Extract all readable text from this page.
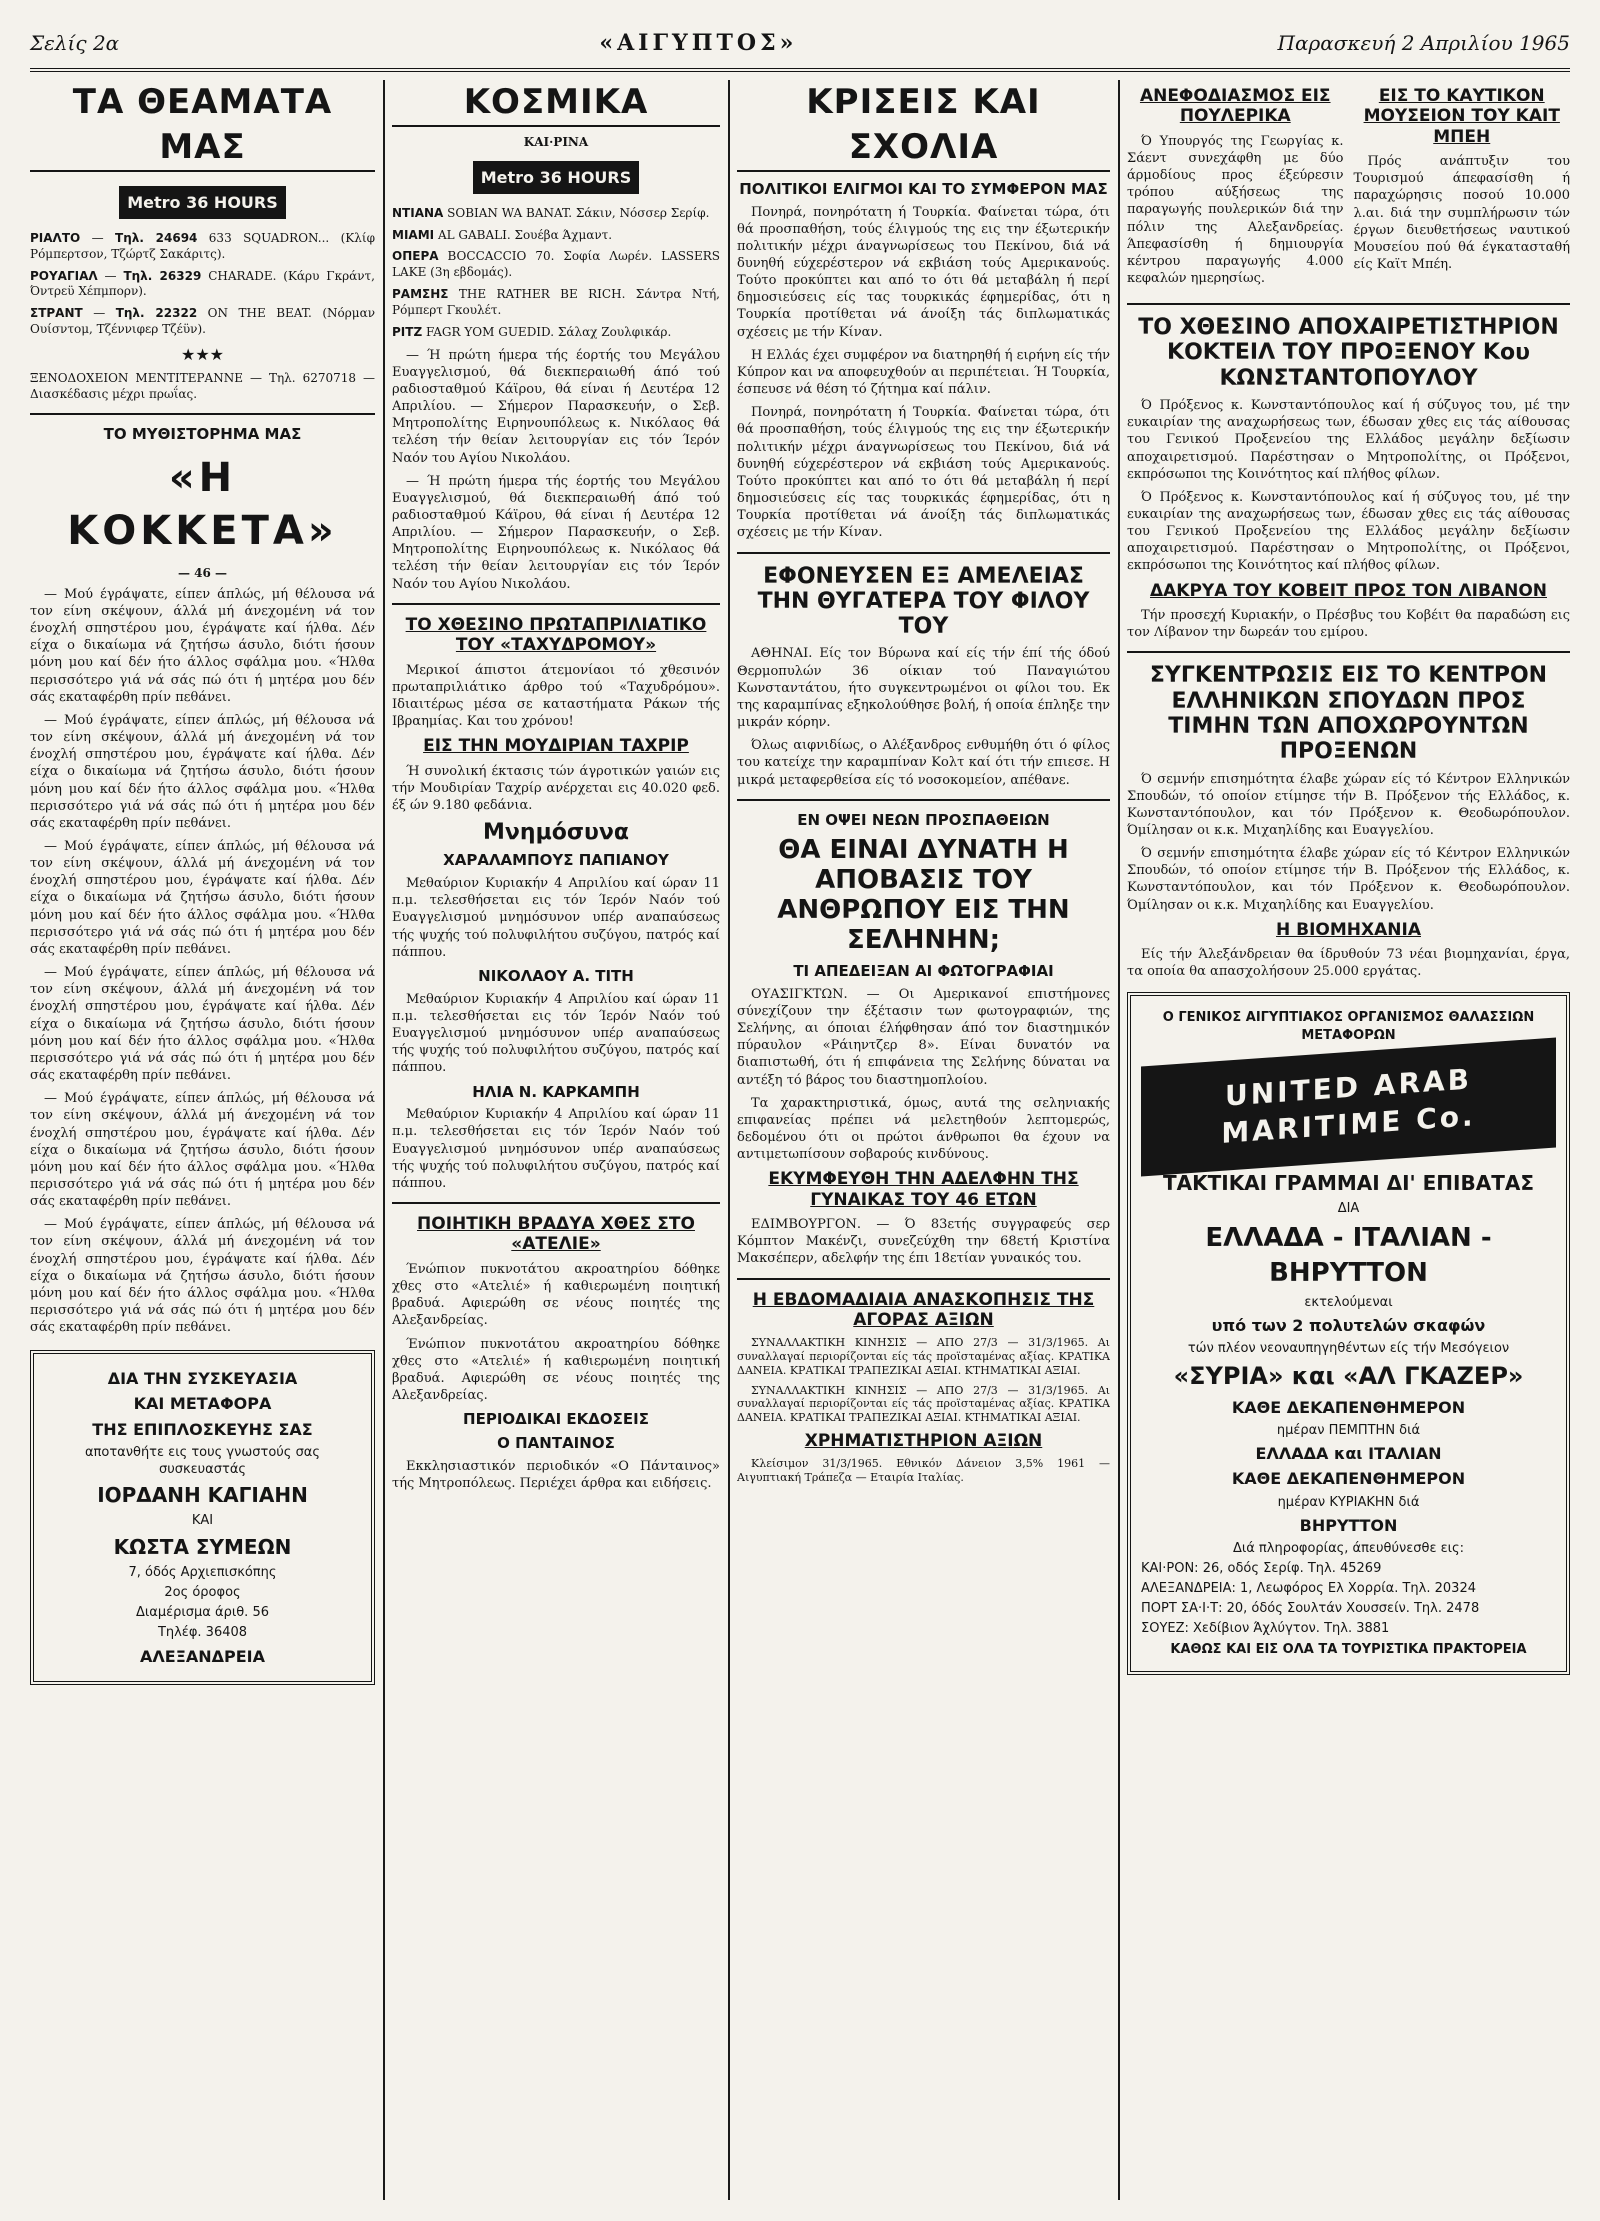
Σελίς 2α	«ΑΙΓΥΠΤΟΣ»	Παρασκευή 2 Απριλίου 1965
ΤΑ ΘΕΑΜΑΤΑ ΜΑΣ
Metro 36 HOURS
ΡΙΑΛΤΟ — Τηλ. 24694 633 SQUADRON... (Κλίφ Ρόμπερτσον, Τζώρτζ Σακάριτς).
ΡΟΥΑΓΙΑΛ — Τηλ. 26329 CHARADE. (Κάρυ Γκράντ, Όντρεϋ Χέπμπορν).
ΣΤΡΑΝΤ — Τηλ. 22322 ON THE BEAT. (Νόρμαν Ουίσντομ, Τζέννιφερ Τζέϋν).
★★★
ΞΕΝΟΔΟΧΕΙΟΝ ΜΕΝΤΙΤΕΡΑΝΝΕ — Τηλ. 6270718 — Διασκέδασις μέχρι πρωΐας.
ΤΟ ΜΥΘΙΣΤΟΡΗΜΑ ΜΑΣ
«Η ΚΟΚΚΕΤΑ»
— 46 —

— Μού έγράψατε, είπεν άπλώς, μή θέλουσα νά τον είνη σκέψουν, άλλά μή άνεχομένη νά τον ένοχλή σπηστέρου μου, έγράψατε καί ήλθα. Δέν είχα ο δικαίωμα νά ζητήσω άσυλο, διότι ήσουν μόνη μου καί δέν ήτο άλλος σφάλμα μου. «Ήλθα περισσότερο γιά νά σάς πώ ότι ή μητέρα μου δέν σάς εκαταφέρθη πρίν πεθάνει.

— Μού έγράψατε, είπεν άπλώς, μή θέλουσα νά τον είνη σκέψουν, άλλά μή άνεχομένη νά τον ένοχλή σπηστέρου μου, έγράψατε καί ήλθα. Δέν είχα ο δικαίωμα νά ζητήσω άσυλο, διότι ήσουν μόνη μου καί δέν ήτο άλλος σφάλμα μου. «Ήλθα περισσότερο γιά νά σάς πώ ότι ή μητέρα μου δέν σάς εκαταφέρθη πρίν πεθάνει.

— Μού έγράψατε, είπεν άπλώς, μή θέλουσα νά τον είνη σκέψουν, άλλά μή άνεχομένη νά τον ένοχλή σπηστέρου μου, έγράψατε καί ήλθα. Δέν είχα ο δικαίωμα νά ζητήσω άσυλο, διότι ήσουν μόνη μου καί δέν ήτο άλλος σφάλμα μου. «Ήλθα περισσότερο γιά νά σάς πώ ότι ή μητέρα μου δέν σάς εκαταφέρθη πρίν πεθάνει.

— Μού έγράψατε, είπεν άπλώς, μή θέλουσα νά τον είνη σκέψουν, άλλά μή άνεχομένη νά τον ένοχλή σπηστέρου μου, έγράψατε καί ήλθα. Δέν είχα ο δικαίωμα νά ζητήσω άσυλο, διότι ήσουν μόνη μου καί δέν ήτο άλλος σφάλμα μου. «Ήλθα περισσότερο γιά νά σάς πώ ότι ή μητέρα μου δέν σάς εκαταφέρθη πρίν πεθάνει.

— Μού έγράψατε, είπεν άπλώς, μή θέλουσα νά τον είνη σκέψουν, άλλά μή άνεχομένη νά τον ένοχλή σπηστέρου μου, έγράψατε καί ήλθα. Δέν είχα ο δικαίωμα νά ζητήσω άσυλο, διότι ήσουν μόνη μου καί δέν ήτο άλλος σφάλμα μου. «Ήλθα περισσότερο γιά νά σάς πώ ότι ή μητέρα μου δέν σάς εκαταφέρθη πρίν πεθάνει.

— Μού έγράψατε, είπεν άπλώς, μή θέλουσα νά τον είνη σκέψουν, άλλά μή άνεχομένη νά τον ένοχλή σπηστέρου μου, έγράψατε καί ήλθα. Δέν είχα ο δικαίωμα νά ζητήσω άσυλο, διότι ήσουν μόνη μου καί δέν ήτο άλλος σφάλμα μου. «Ήλθα περισσότερο γιά νά σάς πώ ότι ή μητέρα μου δέν σάς εκαταφέρθη πρίν πεθάνει.

ΔΙΑ ΤΗΝ ΣΥΣΚΕΥΑΣΙΑ
ΚΑΙ ΜΕΤΑΦΟΡΑ
ΤΗΣ ΕΠΙΠΛΟΣΚΕΥΗΣ ΣΑΣ
αποτανθήτε εις τους γνωστούς σας συσκευαστάς
ΙΟΡΔΑΝΗ ΚΑΓΙΑΗΝ
ΚΑΙ
ΚΩΣΤΑ ΣΥΜΕΩΝ
7, όδός Αρχιεπισκόπης
2ος όροφος
Διαμέρισμα άριθ. 56
Τηλέφ. 36408
ΑΛΕΞΑΝΔΡΕΙΑ
ΚΟΣΜΙΚΑ
ΚΑΙ·ΡΙΝΑ
Metro 36 HOURS
ΝΤΙΑΝΑ SOBIAN WA BANAT. Σάκιν, Νόσσερ Σερίφ.
ΜΙΑΜΙ AL GABALI. Σουέβα Άχμαντ.
ΟΠΕΡΑ BOCCACCIO 70. Σοφία Λωρέν. LASSERS LAKE (3η εβδομάς).
ΡΑΜΣΗΣ THE RATHER BE RICH. Σάντρα Ντή, Ρόμπερτ Γκουλέτ.
ΡΙΤΖ FAGR YOM GUEDID. Σάλαχ Ζουλφικάρ.

— Ή πρώτη ήμερα τής έορτής του Μεγάλου Ευαγγελισμού, θά διεκπεραιωθή άπό τού ραδιοσταθμού Κάϊρου, θά είναι ή Δευτέρα 12 Απριλίου. — Σήμερον Παρασκευήν, ο Σεβ. Μητροπολίτης Ειρηνουπόλεως κ. Νικόλαος θά τελέση τήν θείαν λειτουργίαν εις τόν Ίερόν Ναόν του Αγίου Νικολάου.

— Ή πρώτη ήμερα τής έορτής του Μεγάλου Ευαγγελισμού, θά διεκπεραιωθή άπό τού ραδιοσταθμού Κάϊρου, θά είναι ή Δευτέρα 12 Απριλίου. — Σήμερον Παρασκευήν, ο Σεβ. Μητροπολίτης Ειρηνουπόλεως κ. Νικόλαος θά τελέση τήν θείαν λειτουργίαν εις τόν Ίερόν Ναόν του Αγίου Νικολάου.

ΤΟ ΧΘΕΣΙΝΟ ΠΡΩΤΑΠΡΙΛΙΑΤΙΚΟ ΤΟΥ «ΤΑΧΥΔΡΟΜΟΥ»

Μερικοί άπιστοι άτεμονίαοι τό χθεσινόν πρωταπριλιάτικο άρθρο τού «Ταχυδρόμου». Ιδιαιτέρως μέσα σε καταστήματα Ράκων τής Ιβραημίας. Και του χρόνου!

ΕΙΣ ΤΗΝ ΜΟΥΔΙΡΙΑΝ ΤΑΧΡΙΡ

Ή συνολική έκτασις τών άγροτικών γαιών εις τήν Μουδιρίαν Ταχρίρ ανέρχεται εις 40.020 φεδ. έξ ών 9.180 φεδάνια.

Μνημόσυνα
ΧΑΡΑΛΑΜΠΟΥΣ ΠΑΠΙΑΝΟΥ

Μεθαύριον Κυριακήν 4 Απριλίου καί ώραν 11 π.μ. τελεσθήσεται εις τόν Ίερόν Ναόν τού Ευαγγελισμού μνημόσυνον υπέρ αναπαύσεως τής ψυχής τού πολυφιλήτου συζύγου, πατρός καί πάππου.

ΝΙΚΟΛΑΟΥ Α. ΤΙΤΗ

Μεθαύριον Κυριακήν 4 Απριλίου καί ώραν 11 π.μ. τελεσθήσεται εις τόν Ίερόν Ναόν τού Ευαγγελισμού μνημόσυνον υπέρ αναπαύσεως τής ψυχής τού πολυφιλήτου συζύγου, πατρός καί πάππου.

ΗΛΙΑ Ν. ΚΑΡΚΑΜΠΗ

Μεθαύριον Κυριακήν 4 Απριλίου καί ώραν 11 π.μ. τελεσθήσεται εις τόν Ίερόν Ναόν τού Ευαγγελισμού μνημόσυνον υπέρ αναπαύσεως τής ψυχής τού πολυφιλήτου συζύγου, πατρός καί πάππου.

ΠΟΙΗΤΙΚΗ ΒΡΑΔΥΑ ΧΘΕΣ ΣΤΟ «ΑΤΕΛΙΕ»

Ένώπιον πυκνοτάτου ακροατηρίου δόθηκε χθες στο «Ατελιέ» ή καθιερωμένη ποιητική βραδυά. Αφιερώθη σε νέους ποιητές της Αλεξανδρείας.

Ένώπιον πυκνοτάτου ακροατηρίου δόθηκε χθες στο «Ατελιέ» ή καθιερωμένη ποιητική βραδυά. Αφιερώθη σε νέους ποιητές της Αλεξανδρείας.

ΠΕΡΙΟΔΙΚΑΙ ΕΚΔΟΣΕΙΣ
Ο ΠΑΝΤΑΙΝΟΣ

Εκκλησιαστικόν περιοδικόν «Ο Πάνταινος» τής Μητροπόλεως. Περιέχει άρθρα και ειδήσεις.

ΚΡΙΣΕΙΣ ΚΑΙ ΣΧΟΛΙΑ
ΠΟΛΙΤΙΚΟΙ ΕΛΙΓΜΟΙ ΚΑΙ ΤΟ ΣΥΜΦΕΡΟΝ ΜΑΣ

Πονηρά, πονηρότατη ή Τουρκία. Φαίνεται τώρα, ότι θά προσπαθήση, τούς έλιγμούς της εις την έξωτερικήν πολιτικήν μέχρι άναγνωρίσεως του Πεκίνου, διά νά δυνηθή εύχερέστερον νά εκβιάση τούς Αμερικανούς. Τούτο προκύπτει και από το ότι θά μεταβάλη ή περί δημοσιεύσεις είς τας τουρκικάς έφημερίδας, ότι η Τουρκία προτίθεται νά άνοίξη τάς διπλωματικάς σχέσεις με τήν Κίναν.

Η Ελλάς έχει συμφέρον να διατηρηθή ή ειρήνη είς τήν Κύπρον και να αποφευχθούν αι περιπέτειαι. Ή Τουρκία, έσπευσε νά θέση τό ζήτημα καί πάλιν.

Πονηρά, πονηρότατη ή Τουρκία. Φαίνεται τώρα, ότι θά προσπαθήση, τούς έλιγμούς της εις την έξωτερικήν πολιτικήν μέχρι άναγνωρίσεως του Πεκίνου, διά νά δυνηθή εύχερέστερον νά εκβιάση τούς Αμερικανούς. Τούτο προκύπτει και από το ότι θά μεταβάλη ή περί δημοσιεύσεις είς τας τουρκικάς έφημερίδας, ότι η Τουρκία προτίθεται νά άνοίξη τάς διπλωματικάς σχέσεις με τήν Κίναν.

ΕΦΟΝΕΥΣΕΝ ΕΞ ΑΜΕΛΕΙΑΣ ΤΗΝ ΘΥΓΑΤΕΡΑ ΤΟΥ ΦΙΛΟΥ ΤΟΥ

ΑΘΗΝΑΙ. Είς τον Βύρωνα καί είς τήν έπί τής όδού Θερμοπυλών 36 οίκιαν τού Παναγιώτου Κωνσταντάτου, ήτο συγκεντρωμένοι οι φίλοι του. Εκ της καραμπίνας εξηκολούθησε βολή, ή οποία έπληξε την μικράν κόρην.

Όλως αιφνιδίως, ο Αλέξανδρος ενθυμήθη ότι ό φίλος του κατείχε την καραμπίναν Κολτ καί ότι τήν επιεσε. Η μικρά μεταφερθείσα είς τό νοσοκομείον, απέθανε.

ΕΝ ΟΨΕΙ ΝΕΩΝ ΠΡΟΣΠΑΘΕΙΩΝ
ΘΑ ΕΙΝΑΙ ΔΥΝΑΤΗ Η ΑΠΟΒΑΣΙΣ ΤΟΥ ΑΝΘΡΩΠΟΥ ΕΙΣ ΤΗΝ ΣΕΛΗΝΗΝ;
ΤΙ ΑΠΕΔΕΙΞΑΝ ΑΙ ΦΩΤΟΓΡΑΦΙΑΙ

ΟΥΑΣΙΓΚΤΩΝ. — Οι Αμερικανοί επιστήμονες σύνεχίζουν την έξέτασιν των φωτογραφιών, της Σελήνης, αι όποιαι έλήφθησαν άπό τον διαστημικόν πύραυλον «Ράιηντζερ 8». Είναι δυνατόν να διαπιστωθή, ότι ή επιφάνεια της Σελήνης δύναται να αντέξη τό βάρος του διαστημοπλοίου.

Τα χαρακτηριστικά, όμως, αυτά της σεληνιακής επιφανείας πρέπει νά μελετηθούν λεπτομερώς, δεδομένου ότι οι πρώτοι άνθρωποι θα έχουν να αντιμετωπίσουν σοβαρούς κινδύνους.

ΕΚΥΜΦΕΥΘΗ ΤΗΝ ΑΔΕΛΦΗΝ ΤΗΣ ΓΥΝΑΙΚΑΣ ΤΟΥ 46 ΕΤΩΝ

ΕΔΙΜΒΟΥΡΓΟΝ. — Ό 83ετής συγγραφεύς σερ Κόμπτον Μακένζι, συνεζεύχθη την 68ετή Κριστίνα Μακσέπερν, αδελφήν της έπι 18ετίαν γυναικός του.

Η ΕΒΔΟΜΑΔΙΑΙΑ ΑΝΑΣΚΟΠΗΣΙΣ ΤΗΣ ΑΓΟΡΑΣ ΑΞΙΩΝ

ΣΥΝΑΛΛΑΚΤΙΚΗ ΚΙΝΗΣΙΣ — ΑΠΟ 27/3 — 31/3/1965. Αι συναλλαγαί περιορίζονται είς τάς προϊσταμένας αξίας. ΚΡΑΤΙΚΑ ΔΑΝΕΙΑ. ΚΡΑΤΙΚΑΙ ΤΡΑΠΕΖΙΚΑΙ ΑΞΙΑΙ. ΚΤΗΜΑΤΙΚΑΙ ΑΞΙΑΙ.

ΣΥΝΑΛΛΑΚΤΙΚΗ ΚΙΝΗΣΙΣ — ΑΠΟ 27/3 — 31/3/1965. Αι συναλλαγαί περιορίζονται είς τάς προϊσταμένας αξίας. ΚΡΑΤΙΚΑ ΔΑΝΕΙΑ. ΚΡΑΤΙΚΑΙ ΤΡΑΠΕΖΙΚΑΙ ΑΞΙΑΙ. ΚΤΗΜΑΤΙΚΑΙ ΑΞΙΑΙ.

ΧΡΗΜΑΤΙΣΤΗΡΙΟΝ ΑΞΙΩΝ

Κλείσιμον 31/3/1965. Εθνικόν Δάνειον 3,5% 1961 — Αιγυπτιακή Τράπεζα — Εταιρία Ιταλίας.

ΑΝΕΦΟΔΙΑΣΜΟΣ ΕΙΣ ΠΟΥΛΕΡΙΚΑ

Ό Υπουργός της Γεωργίας κ. Σάεντ συνεχάφθη με δύο άρμοδίους προς έξεύρεσιν τρόπου αύξήσεως της παραγωγής πουλερικών διά την πόλιν της Αλεξανδρείας. Άπεφασίσθη ή δημιουργία κέντρου παραγωγής 4.000 κεφαλών ημερησίως.

ΕΙΣ ΤΟ ΚΑΥΤΙΚΟΝ ΜΟΥΣΕΙΟΝ ΤΟΥ ΚΑΙΤ ΜΠΕΗ

Πρός ανάπτυξιν του Τουρισμού άπεφασίσθη ή παραχώρησις ποσού 10.000 λ.αι. διά την συμπλήρωσιν τών έργων διευθετήσεως ναυτικού Μουσείου πού θά έγκατασταθή είς Καϊτ Μπέη.

ΤΟ ΧΘΕΣΙΝΟ ΑΠΟΧΑΙΡΕΤΙΣΤΗΡΙΟΝ ΚΟΚΤΕΙΛ ΤΟΥ ΠΡΟΞΕΝΟΥ Κου ΚΩΝΣΤΑΝΤΟΠΟΥΛΟΥ

Ό Πρόξενος κ. Κωνσταντόπουλος καί ή σύζυγος του, μέ την ευκαιρίαν της αναχωρήσεως των, έδωσαν χθες εις τάς αίθουσας του Γενικού Προξενείου της Ελλάδος μεγάλην δεξίωσιν αποχαιρετισμού. Παρέστησαν ο Μητροπολίτης, οι Πρόξενοι, εκπρόσωποι της Κοινότητος καί πλήθος φίλων.

Ό Πρόξενος κ. Κωνσταντόπουλος καί ή σύζυγος του, μέ την ευκαιρίαν της αναχωρήσεως των, έδωσαν χθες εις τάς αίθουσας του Γενικού Προξενείου της Ελλάδος μεγάλην δεξίωσιν αποχαιρετισμού. Παρέστησαν ο Μητροπολίτης, οι Πρόξενοι, εκπρόσωποι της Κοινότητος καί πλήθος φίλων.

ΔΑΚΡΥΑ ΤΟΥ ΚΟΒΕΙΤ ΠΡΟΣ ΤΟΝ ΛΙΒΑΝΟΝ

Τήν προσεχή Κυριακήν, ο Πρέσβυς του Κοβέιτ θα παραδώση εις τον Λίβανον την δωρεάν του εμίρου.

ΣΥΓΚΕΝΤΡΩΣΙΣ ΕΙΣ ΤΟ ΚΕΝΤΡΟΝ ΕΛΛΗΝΙΚΩΝ ΣΠΟΥΔΩΝ ΠΡΟΣ ΤΙΜΗΝ ΤΩΝ ΑΠΟΧΩΡΟΥΝΤΩΝ ΠΡΟΞΕΝΩΝ

Ό σεμνήν επισημότητα έλαβε χώραν είς τό Κέντρον Ελληνικών Σπουδών, τό οποίον ετίμησε τήν Β. Πρόξενον τής Ελλάδος, κ. Κωνσταντόπουλον, και τόν Πρόξενον κ. Θεοδωρόπουλον. Όμίλησαν οι κ.κ. Μιχαηλίδης και Ευαγγελίου.

Ό σεμνήν επισημότητα έλαβε χώραν είς τό Κέντρον Ελληνικών Σπουδών, τό οποίον ετίμησε τήν Β. Πρόξενον τής Ελλάδος, κ. Κωνσταντόπουλον, και τόν Πρόξενον κ. Θεοδωρόπουλον. Όμίλησαν οι κ.κ. Μιχαηλίδης και Ευαγγελίου.

Η ΒΙΟΜΗΧΑΝΙΑ

Είς τήν Άλεξάνδρειαν θα ίδρυθούν 73 νέαι βιομηχανίαι, έργα, τα οποία θα απασχολήσουν 25.000 εργάτας.

Ο ΓΕΝΙΚΟΣ ΑΙΓΥΠΤΙΑΚΟΣ ΟΡΓΑΝΙΣΜΟΣ ΘΑΛΑΣΣΙΩΝ ΜΕΤΑΦΟΡΩΝ
UNITED ARAB MARITIME Co.
ΤΑΚΤΙΚΑΙ ΓΡΑΜΜΑΙ ΔΙ' ΕΠΙΒΑΤΑΣ
ΔΙΑ
ΕΛΛΑΔΑ - ΙΤΑΛΙΑΝ - ΒΗΡΥΤΤΟΝ
εκτελούμεναι
υπό των 2 πολυτελών σκαφών
τών πλέον νεοναυπηγηθέντων είς τήν Μεσόγειον
«ΣΥΡΙΑ» και «ΑΛ ΓΚΑΖΕΡ»
ΚΑΘΕ ΔΕΚΑΠΕΝΘΗΜΕΡΟΝ
ημέραν ΠΕΜΠΤΗΝ διά
ΕΛΛΑΔΑ και ΙΤΑΛΙΑΝ
ΚΑΘΕ ΔΕΚΑΠΕΝΘΗΜΕΡΟΝ
ημέραν ΚΥΡΙΑΚΗΝ διά
ΒΗΡΥΤΤΟΝ
Διά πληροφορίας, άπευθύνεσθε εις:
ΚΑΙ·ΡΟΝ: 26, οδός Σερίφ. Τηλ. 45269
ΑΛΕΞΑΝΔΡΕΙΑ: 1, Λεωφόρος Ελ Χορρία. Τηλ. 20324
ΠΟΡΤ ΣΑ·Ι·Τ: 20, όδός Σουλτάν Χουσσείν. Τηλ. 2478
ΣΟΥΕΖ: Χεδίβιον Άχλύγτον. Τηλ. 3881
ΚΑΘΩΣ ΚΑΙ ΕΙΣ ΟΛΑ ΤΑ ΤΟΥΡΙΣΤΙΚΑ ΠΡΑΚΤΟΡΕΙΑ
